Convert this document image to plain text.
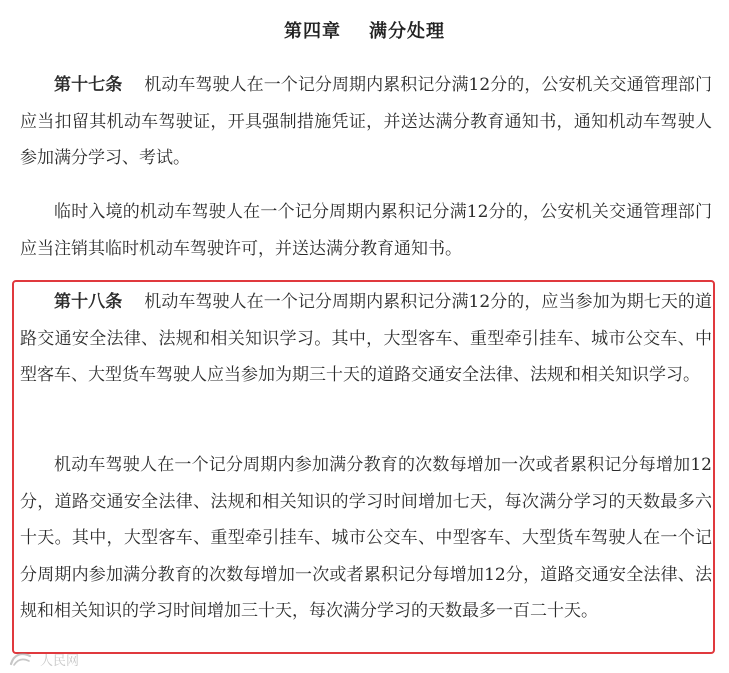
第四章 满分处理

第十七条 机动车驾驶人在一个记分周期内累积记分满12分的，公安机关交通管理部门应当扣留其机动车驾驶证，开具强制措施凭证，并送达满分教育通知书，通知机动车驾驶人参加满分学习、考试。

临时入境的机动车驾驶人在一个记分周期内累积记分满12分的，公安机关交通管理部门应当注销其临时机动车驾驶许可，并送达满分教育通知书。

第十八条 机动车驾驶人在一个记分周期内累积记分满12分的，应当参加为期七天的道路交通安全法律、法规和相关知识学习。其中，大型客车、重型牵引挂车、城市公交车、中型客车、大型货车驾驶人应当参加为期三十天的道路交通安全法律、法规和相关知识学习。

机动车驾驶人在一个记分周期内参加满分教育的次数每增加一次或者累积记分每增加12分，道路交通安全法律、法规和相关知识的学习时间增加七天，每次满分学习的天数最多六十天。其中，大型客车、重型牵引挂车、城市公交车、中型客车、大型货车驾驶人在一个记分周期内参加满分教育的次数每增加一次或者累积记分每增加12分，道路交通安全法律、法规和相关知识的学习时间增加三十天，每次满分学习的天数最多一百二十天。

人民网
